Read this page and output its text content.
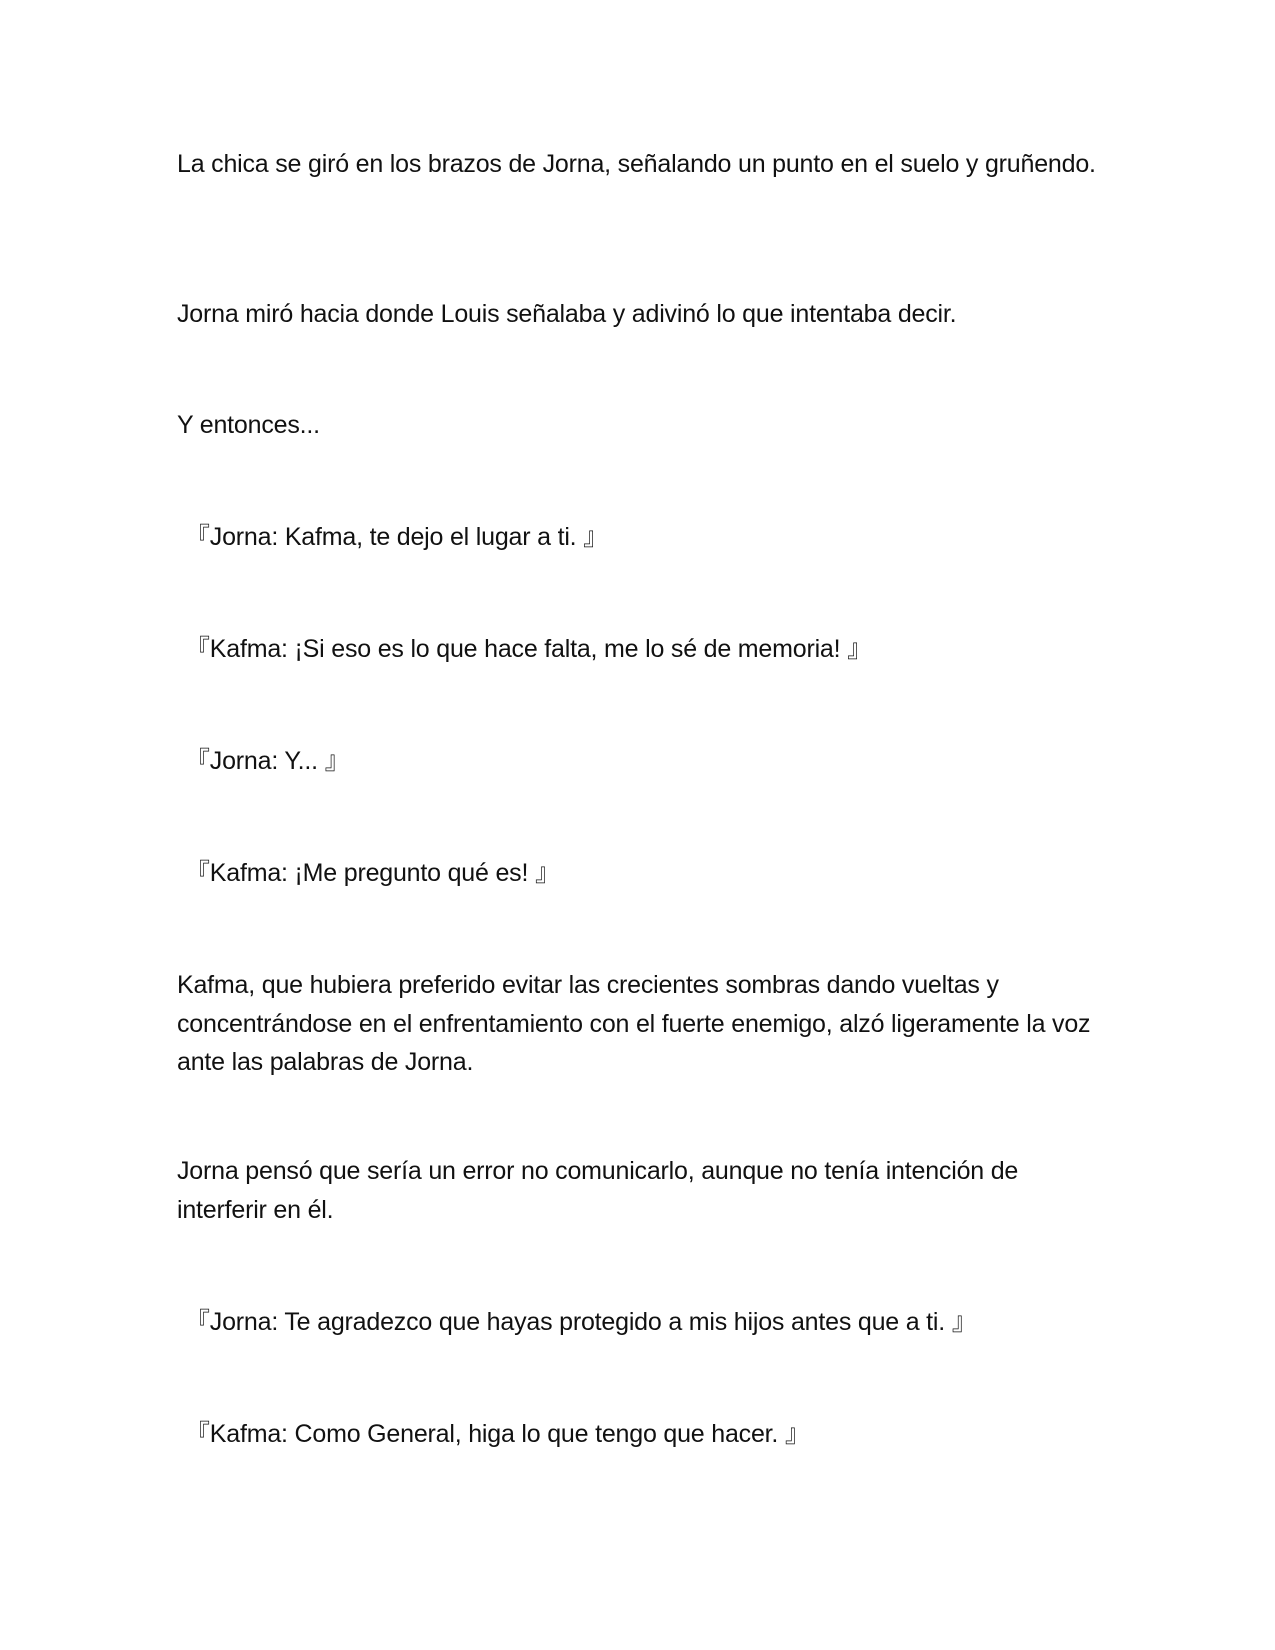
La chica se giró en los brazos de Jorna, señalando un punto en el suelo y gruñendo.

Jorna miró hacia donde Louis señalaba y adivinó lo que intentaba decir.

Y entonces...

『Jorna: Kafma, te dejo el lugar a ti. 』

『Kafma: ¡Si eso es lo que hace falta, me lo sé de memoria! 』

『Jorna: Y... 』

『Kafma: ¡Me pregunto qué es! 』

Kafma, que hubiera preferido evitar las crecientes sombras dando vueltas y concentrándose en el enfrentamiento con el fuerte enemigo, alzó ligeramente la voz ante las palabras de Jorna.

Jorna pensó que sería un error no comunicarlo, aunque no tenía intención de interferir en él.

『Jorna: Te agradezco que hayas protegido a mis hijos antes que a ti. 』

『Kafma: Como General, higa lo que tengo que hacer. 』
